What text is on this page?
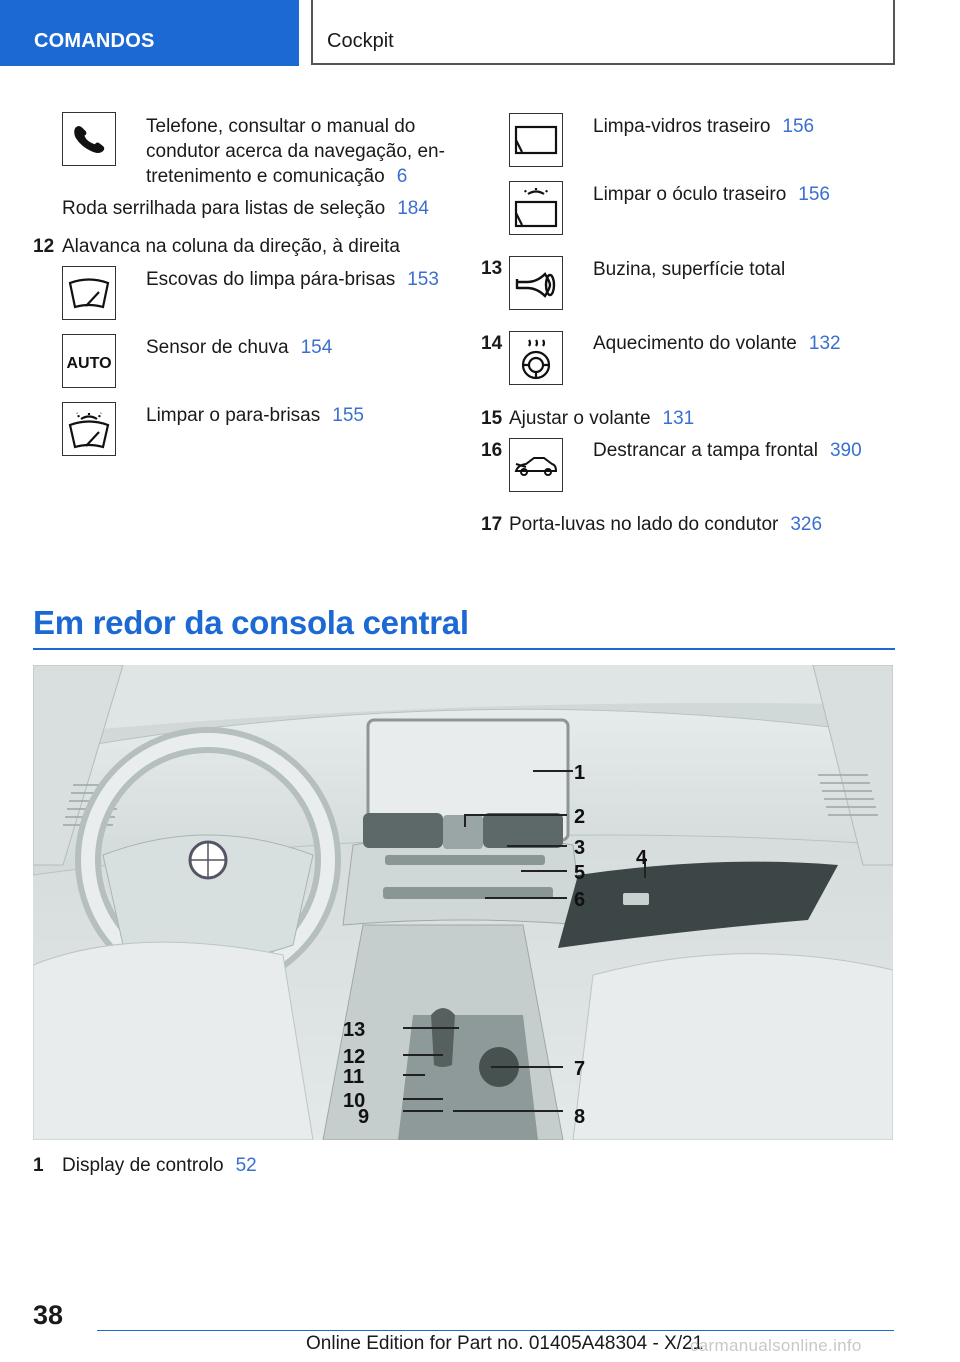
COMANDOS	Cockpit
Telefone, consultar o manual do
condutor acerca da navegação, en-
tretenimento e comunicação 6
Roda serrilhada para listas de seleção 184
12 Alavanca na coluna da direção, à direita
Escovas do limpa pára-brisas 153
AUTO
Sensor de chuva 154
Limpar o para-brisas 155
Limpa-vidros traseiro 156
Limpar o óculo traseiro 156
13	Buzina, superfície total
14	Aquecimento do volante 132
15 Ajustar o volante 131
16	Destrancar a tampa frontal 390
17 Porta-luvas no lado do condutor 326
Em redor da consola central
1
2
3
5
4
6
13
12
11
10
9
7
8
1 Display de controlo 52
38
Online Edition for Part no. 01405A48304 - X/21
carmanualsonline.info
